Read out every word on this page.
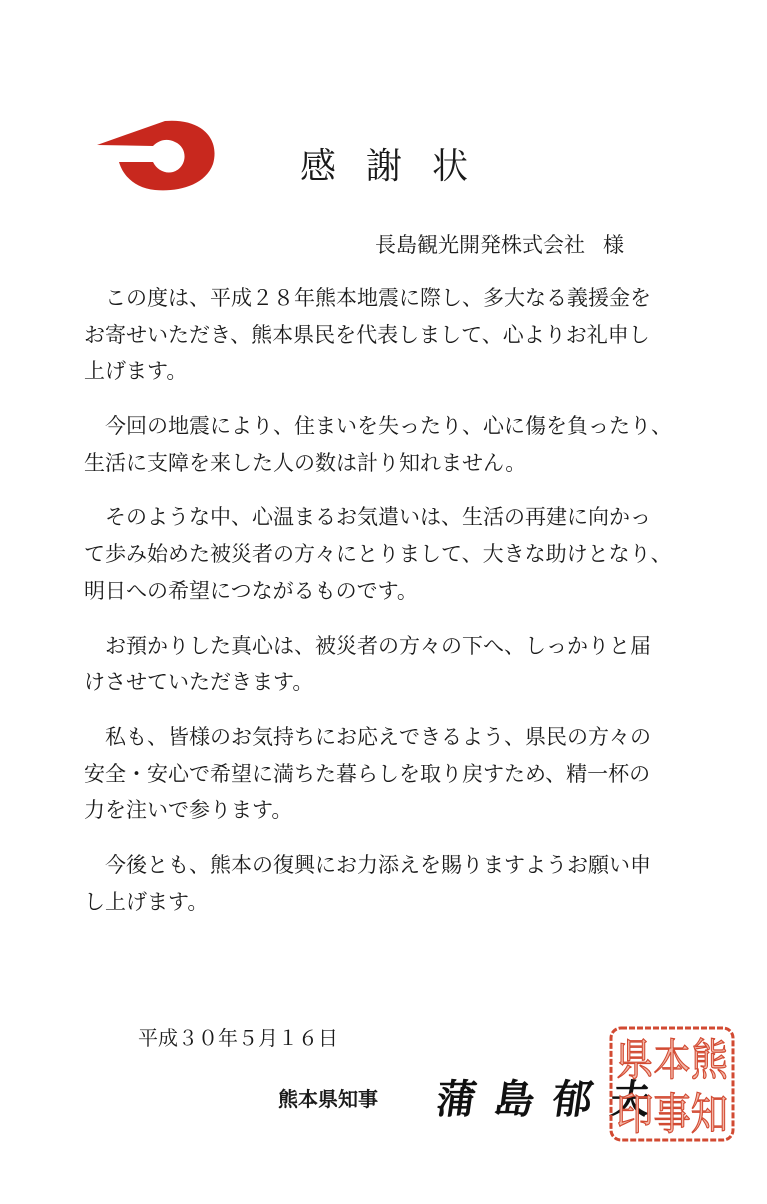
感謝状
長島観光開発株式会社 様
この度は、平成２８年熊本地震に際し、多大なる義援金を
お寄せいただき、熊本県民を代表しまして、心よりお礼申し
上げます。
今回の地震により、住まいを失ったり、心に傷を負ったり、
生活に支障を来した人の数は計り知れません。
そのような中、心温まるお気遣いは、生活の再建に向かっ
て歩み始めた被災者の方々にとりまして、大きな助けとなり、
明日への希望につながるものです。
お預かりした真心は、被災者の方々の下へ、しっかりと届
けさせていただきます。
私も、皆様のお気持ちにお応えできるよう、県民の方々の
安全・安心で希望に満ちた暮らしを取り戻すため、精一杯の
力を注いで参ります。
今後とも、熊本の復興にお力添えを賜りますようお願い申
し上げます。
平成３０年５月１６日
熊本県知事 蒲島郁夫
県本熊
印事知
